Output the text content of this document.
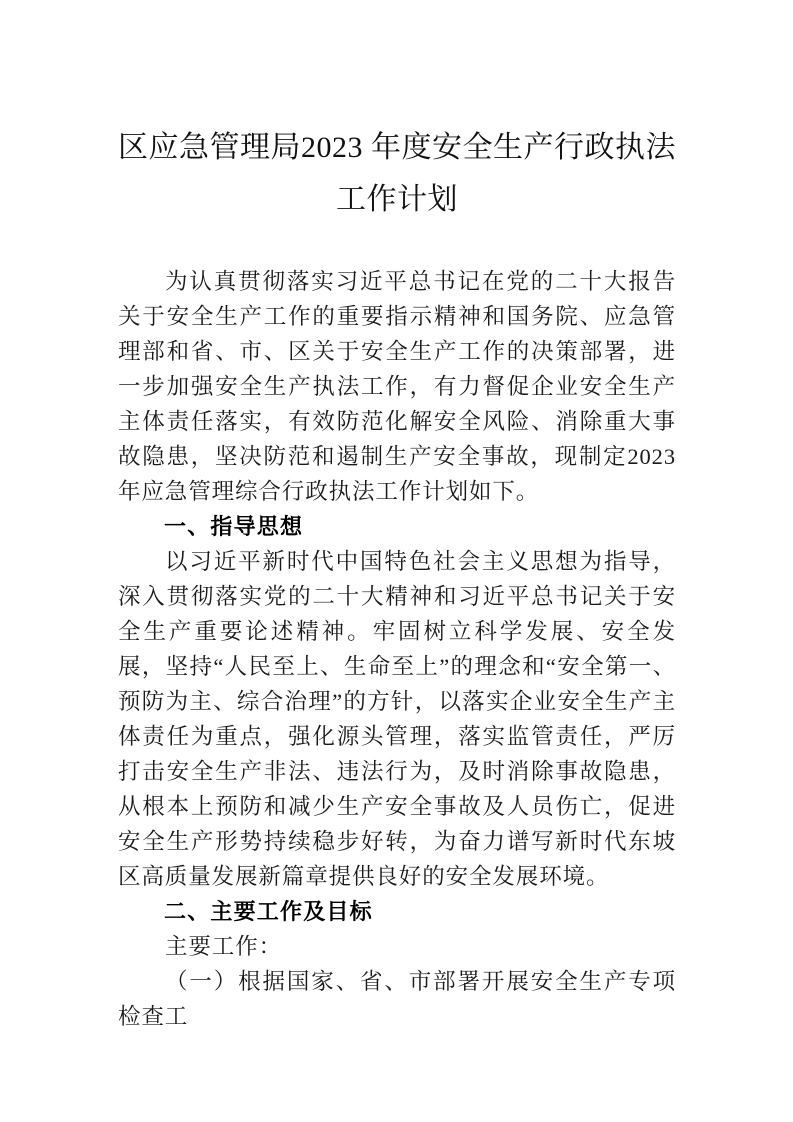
区应急管理局2023 年度安全生产行政执法
工作计划

为认真贯彻落实习近平总书记在党的二十大报告关于安全生产工作的重要指示精神和国务院、应急管理部和省、市、区关于安全生产工作的决策部署，进一步加强安全生产执法工作，有力督促企业安全生产主体责任落实，有效防范化解安全风险、消除重大事故隐患，坚决防范和遏制生产安全事故，现制定2023 年应急管理综合行政执法工作计划如下。

一、指导思想

以习近平新时代中国特色社会主义思想为指导，深入贯彻落实党的二十大精神和习近平总书记关于安全生产重要论述精神。牢固树立科学发展、安全发展，坚持“人民至上、生命至上”的理念和“安全第一、预防为主、综合治理”的方针，以落实企业安全生产主体责任为重点，强化源头管理，落实监管责任，严厉打击安全生产非法、违法行为，及时消除事故隐患，从根本上预防和减少生产安全事故及人员伤亡，促进安全生产形势持续稳步好转，为奋力谱写新时代东坡区高质量发展新篇章提供良好的安全发展环境。

二、主要工作及目标

主要工作：

（一）根据国家、省、市部署开展安全生产专项检查工
